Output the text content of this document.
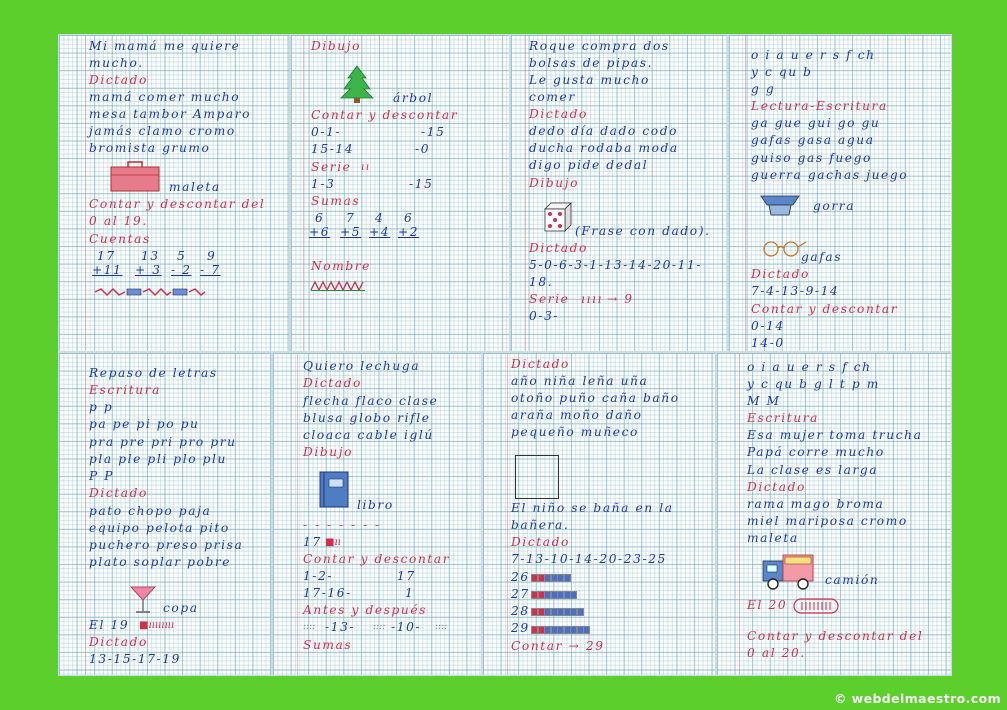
Mi mamá me quiere
mucho.
Dictado
mamá comer mucho
mesa tambor Amparo
jamás clamo cromo
bromista grumo
maleta
Contar y descontar del
0 al 19.
Cuentas
17 13 5 9
+11 + 3 - 2 - 7
Dibujo
árbol
Contar y descontar
0-1-	-15
15-14	-0
Serie ıı
1-3	-15
Sumas
6 7 4 6
+6 +5 +4 +2
Nombre
Roque compra dos
bolsas de pipas.
Le gusta mucho
comer
Dictado
dedo día dado codo
ducha rodaba moda
digo pide dedal
Dibujo
(Frase con dado).
Dictado
5-0-6-3-1-13-14-20-11-
18.
Serie ıııı → 9
0-3-
o i a u e r s f ch
y c qu b
g g
Lectura-Escritura
ga gue gui go gu
gafas gasa agua
guiso gas fuego
guerra gachas juego
gorra
gafas
Dictado
7-4-13-9-14
Contar y descontar
0-14
14-0
Repaso de letras
Escritura
p p
pa pe pi po pu
pra pre pri pro pru
pla ple pli plo plu
P P
Dictado
pato chopo paja
equipo pelota pito
puchero preso prisa
plato soplar pobre
copa
El 19 ■ıııııııı
Dictado
13-15-17-19
Quiero lechuga
Dictado
flecha flaco clase
blusa globo rifle
cloaca cable iglú
Dibujo
libro
- - - - - - -
17 ■ıı
Contar y descontar
1-2-	17
17-16-	1
Antes y después
:::: -13- :::: -10- ::::
Sumas
Dictado
año niña leña uña
otoño puño caña baño
araña moño daño
pequeño muñeco
El niño se baña en la
bañera.
Dictado
7-13-10-14-20-23-25
26
27
28
29
Contar → 29
o i a u e r s f ch
y c qu b g l t p m
M M
Escritura
Esa mujer toma trucha
Papá corre mucho
La clase es larga
Dictado
rama mago broma
miel mariposa cromo
maleta
camión
El 20
Contar y descontar del
0 al 20.
© webdelmaestro.com
